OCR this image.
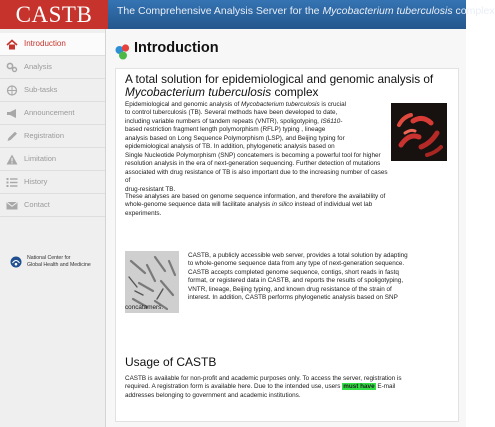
CASTB	The Comprehensive Analysis Server for the Mycobacterium tuberculosis complex
Introduction
Analysis
Sub-tasks
Announcement
Registration
Limitation
History
Contact
National Center for
Global Health and Medicine
Introduction
A total solution for epidemiological and genomic analysis of
Mycobacterium tuberculosis complex
Epidemiological and genomic analysis of Mycobacterium tuberculosis is crucial
to control tuberculosis (TB). Several methods have been developed to date,
including variable numbers of tandem repeats (VNTR), spoligotyping, IS6110-
based restriction fragment length polymorphism (RFLP) typing , lineage
analysis based on Long Sequence Polymorphism (LSP), and Beijing typing for
epidemiological analysis of TB. In addition, phylogenetic analysis based on
Single Nucleotide Polymorphism (SNP) concatemers is becoming a powerful tool for higher
resolution analysis in the era of next-generation sequencing. Further detection of mutations
associated with drug resistance of TB is also important due to the increasing number of cases of
drug-resistant TB.
These analyses are based on genome sequence information, and therefore the availability of
whole-genome sequence data will facilitate analysis in silico instead of individual wet lab
experiments.
CASTB, a publicly accessible web server, provides a total solution by adapting
to whole-genome sequence data from any type of next-generation sequence.
CASTB accepts completed genome sequence, contigs, short reads in fastq
format, or registered data in CASTB, and reports the results of spoligotyping,
VNTR, lineage, Beijing typing, and known drug resistance of the strain of
interest. In addition, CASTB performs phylogenetic analysis based on SNP
concatamers.
Usage of CASTB
CASTB is available for non-profit and academic purposes only. To access the server, registration is
required. A registration form is available here. Due to the intended use, users must have E-mail
addresses belonging to government and academic institutions.
